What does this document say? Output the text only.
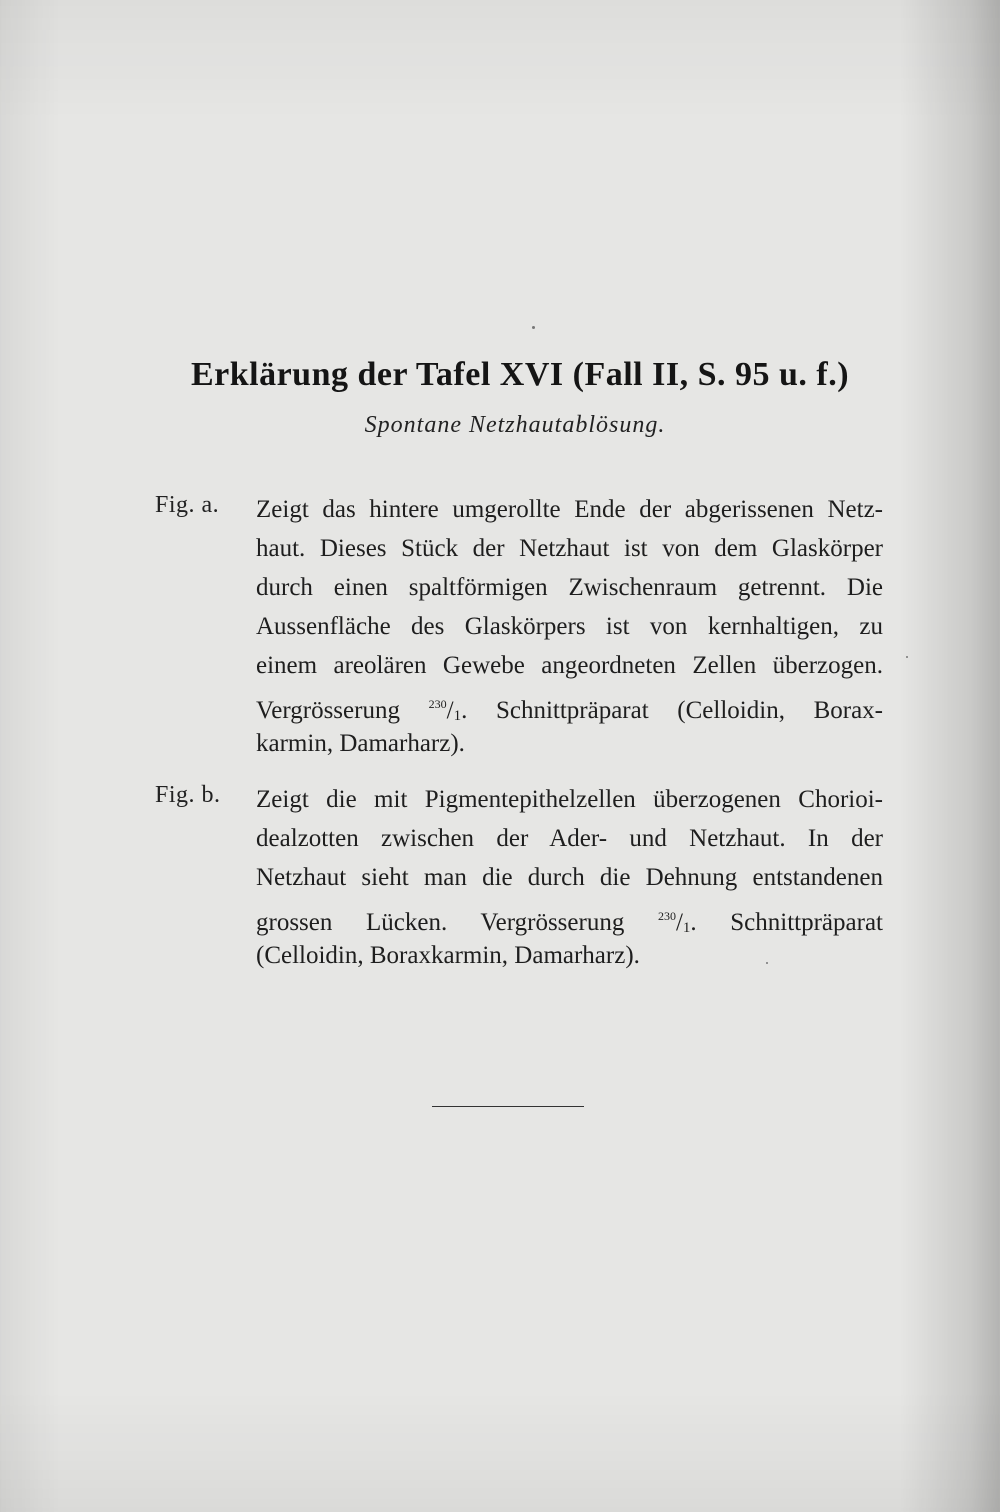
Erklärung der Tafel XVI (Fall II, S. 95 u. f.)
Spontane Netzhautablösung.
Fig. a. Zeigt das hintere umgerollte Ende der abgerissenen Netz-
haut. Dieses Stück der Netzhaut ist von dem Glaskörper
durch einen spaltförmigen Zwischenraum getrennt. Die
Aussenfläche des Glaskörpers ist von kernhaltigen, zu
einem areolären Gewebe angeordneten Zellen überzogen.
Vergrösserung $^{230}/_1$. Schnittpräparat (Celloidin, Borax-
karmin, Damarharz).
Fig. b. Zeigt die mit Pigmentepithelzellen überzogenen Chorioi-
dealzotten zwischen der Ader- und Netzhaut. In der
Netzhaut sieht man die durch die Dehnung entstandenen
grossen Lücken. Vergrösserung	$^{230}/_1$. Schnittpräparat
(Celloidin, Boraxkarmin, Damarharz).
